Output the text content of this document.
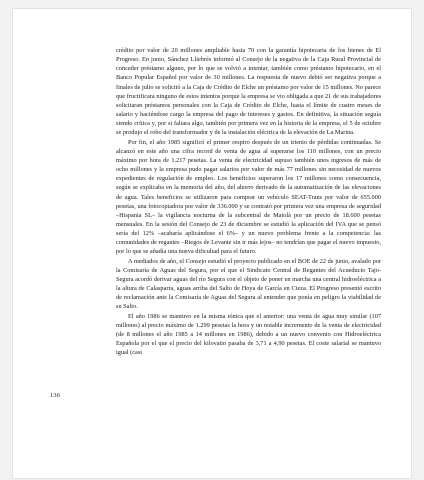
crédito por valor de 20 millones ampliable hasta 70 con la garantía hipotecaria de los bienes de El Progreso. En junio, Sánchez Lliebrés informó al Consejo de la negativa de la Caja Rural Provincial de conceder préstamo alguno, por lo que se volvió a intentar, también como préstamo hipotecario, en el Banco Popular Español por valor de 30 millones. La respuesta de nuevo debió ser negativa porque a finales de julio se solicitó a la Caja de Crédito de Elche un préstamo por valor de 15 millones. No parece que fructificara ninguno de estos intentos porque la empresa se vio obligada a que 21 de sus trabajadores solicitaran préstamos personales con la Caja de Crédito de Elche, hasta el límite de cuatro meses de salario y haciéndose cargo la empresa del pago de intereses y gastos. En definitiva, la situación seguía siendo crítica y, por si faltara algo, también por primera vez en la historia de la empresa, el 5 de octubre se produjo el robo del transformador y de la instalación eléctrica de la elevación de La Marina.

Por fin, el año 1985 significó el primer respiro después de un trienio de pérdidas continuadas. Se alcanzó en este año una cifra record de venta de agua al superarse los 110 millones, con un precio máximo por hora de 1.217 pesetas. La venta de electricidad supuso también unos ingresos de más de ocho millones y la empresa pudo pagar salarios por valor de más 77 millones sin necesidad de nuevos expedientes de regulación de empleo. Los beneficios superaron los 17 millones como consecuencia, según se explicaba en la memoria del año, del ahorro derivado de la automatización de las elevaciones de agua. Tales beneficios se utilizaron para comprar un vehículo SEAT-Trans por valor de 655.000 pesetas, una fotocopiadora por valor de 336.000 y se contrató por primera vez una empresa de seguridad –Hispania SL– la vigilancia nocturna de la subcentral de Matolà por un precio de 18.600 pesetas mensuales. En la sesión del Consejo de 23 de diciembre se estudió la aplicación del IVA que se pensó sería del 12% –acabaría aplicándose el 6%– y un nuevo problema frente a la competencia: las comunidades de regantes –Riegos de Levante sin ir más lejos– no tendrían que pagar el nuevo impuesto, por lo que se añadía una nueva dificultad para el futuro.

A mediados de año, el Consejo estudió el proyecto publicado en el BOE de 22 de junio, avalado por la Comisaría de Aguas del Segura, por el que el Sindicato Central de Regantes del Acueducto Tajo-Segura acordó derivar aguas del río Segura con el objeto de poner en marcha una central hidroeléctrica a la altura de Calasparra, aguas arriba del Salto de Hoya de García en Cieza. El Progreso presentó escrito de reclamación ante la Comisaría de Aguas del Segura al entender que ponía en peligro la viabilidad de su Salto.

El año 1986 se mantuvo en la misma tónica que el anterior: una venta de agua muy similar (107 millones) al precio máximo de 1.299 pesetas la hora y un notable incremento de la venta de electricidad (de 8 millones el año 1985 a 14 millones en 1986), debido a un nuevo convenio con Hidroeléctrica Española por el que el precio del kilovatio pasaba de 3,71 a 4,90 pesetas. El coste salarial se mantuvo igual (casi

136
